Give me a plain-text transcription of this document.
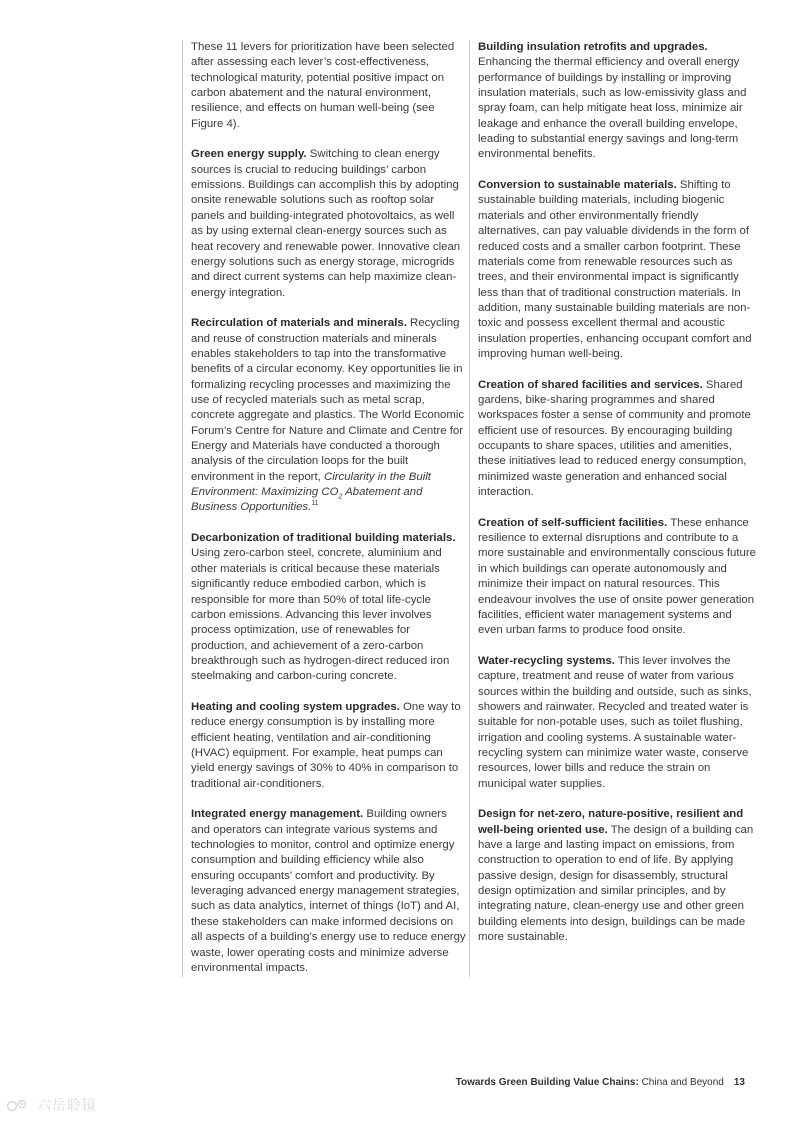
These 11 levers for prioritization have been selected after assessing each lever’s cost-effectiveness, technological maturity, potential positive impact on carbon abatement and the natural environment, resilience, and effects on human well-being (see Figure 4).

Green energy supply. Switching to clean energy sources is crucial to reducing buildings’ carbon emissions. Buildings can accomplish this by adopting onsite renewable solutions such as rooftop solar panels and building-integrated photovoltaics, as well as by using external clean-energy sources such as heat recovery and renewable power. Innovative clean energy solutions such as energy storage, microgrids and direct current systems can help maximize clean-energy integration.

Recirculation of materials and minerals. Recycling and reuse of construction materials and minerals enables stakeholders to tap into the transformative benefits of a circular economy. Key opportunities lie in formalizing recycling processes and maximizing the use of recycled materials such as metal scrap, concrete aggregate and plastics. The World Economic Forum’s Centre for Nature and Climate and Centre for Energy and Materials have conducted a thorough analysis of the circulation loops for the built environment in the report, Circularity in the Built Environment: Maximizing $CO_2$ Abatement and Business Opportunities.$^{11}$

Decarbonization of traditional building materials. Using zero-carbon steel, concrete, aluminium and other materials is critical because these materials significantly reduce embodied carbon, which is responsible for more than 50% of total life-cycle carbon emissions. Advancing this lever involves process optimization, use of renewables for production, and achievement of a zero-carbon breakthrough such as hydrogen-direct reduced iron steelmaking and carbon-curing concrete.

Heating and cooling system upgrades. One way to reduce energy consumption is by installing more efficient heating, ventilation and air-conditioning (HVAC) equipment. For example, heat pumps can yield energy savings of 30% to 40% in comparison to traditional air-conditioners.

Integrated energy management. Building owners and operators can integrate various systems and technologies to monitor, control and optimize energy consumption and building efficiency while also ensuring occupants’ comfort and productivity. By leveraging advanced energy management strategies, such as data analytics, internet of things (IoT) and AI, these stakeholders can make informed decisions on all aspects of a building’s energy use to reduce energy waste, lower operating costs and minimize adverse environmental impacts.

Building insulation retrofits and upgrades. Enhancing the thermal efficiency and overall energy performance of buildings by installing or improving insulation materials, such as low-emissivity glass and spray foam, can help mitigate heat loss, minimize air leakage and enhance the overall building envelope, leading to substantial energy savings and long-term environmental benefits.

Conversion to sustainable materials. Shifting to sustainable building materials, including biogenic materials and other environmentally friendly alternatives, can pay valuable dividends in the form of reduced costs and a smaller carbon footprint. These materials come from renewable resources such as trees, and their environmental impact is significantly less than that of traditional construction materials. In addition, many sustainable building materials are non-toxic and possess excellent thermal and acoustic insulation properties, enhancing occupant comfort and improving human well-being.

Creation of shared facilities and services. Shared gardens, bike-sharing programmes and shared workspaces foster a sense of community and promote efficient use of resources. By encouraging building occupants to share spaces, utilities and amenities, these initiatives lead to reduced energy consumption, minimized waste generation and enhanced social interaction.

Creation of self-sufficient facilities. These enhance resilience to external disruptions and contribute to a more sustainable and environmentally conscious future in which buildings can operate autonomously and minimize their impact on natural resources. This endeavour involves the use of onsite power generation facilities, efficient water management systems and even urban farms to produce food onsite.

Water-recycling systems. This lever involves the capture, treatment and reuse of water from various sources within the building and outside, such as sinks, showers and rainwater. Recycled and treated water is suitable for non-potable uses, such as toilet flushing, irrigation and cooling systems. A sustainable water-recycling system can minimize water waste, conserve resources, lower bills and reduce the strain on municipal water supplies.

Design for net-zero, nature-positive, resilient and well-being oriented use. The design of a building can have a large and lasting impact on emissions, from construction to operation to end of life. By applying passive design, design for disassembly, structural design optimization and similar principles, and by integrating nature, clean-energy use and other green building elements into design, buildings can be made more sustainable.

Towards Green Building Value Chains: China and Beyond 13
六岳聆镜
